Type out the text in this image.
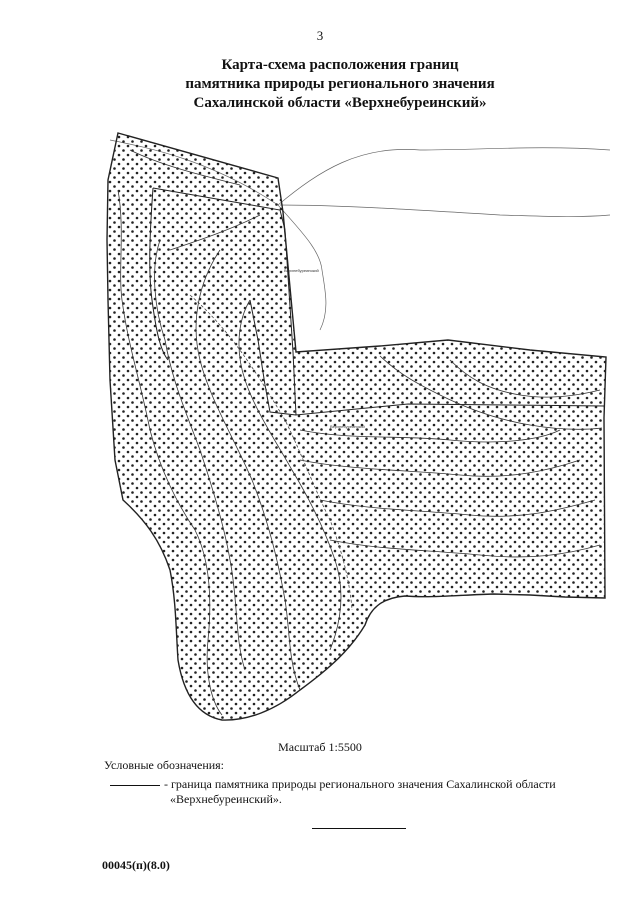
3
Карта-схема расположения границ
памятника природы регионального значения
Сахалинской области «Верхнебуреинский»
Верхнебуреинский
Верхнебуреинский
Масштаб 1:5500
Условные обозначения:
- граница памятника природы регионального значения Сахалинской области
«Верхнебуреинский».
00045(п)(8.0)
